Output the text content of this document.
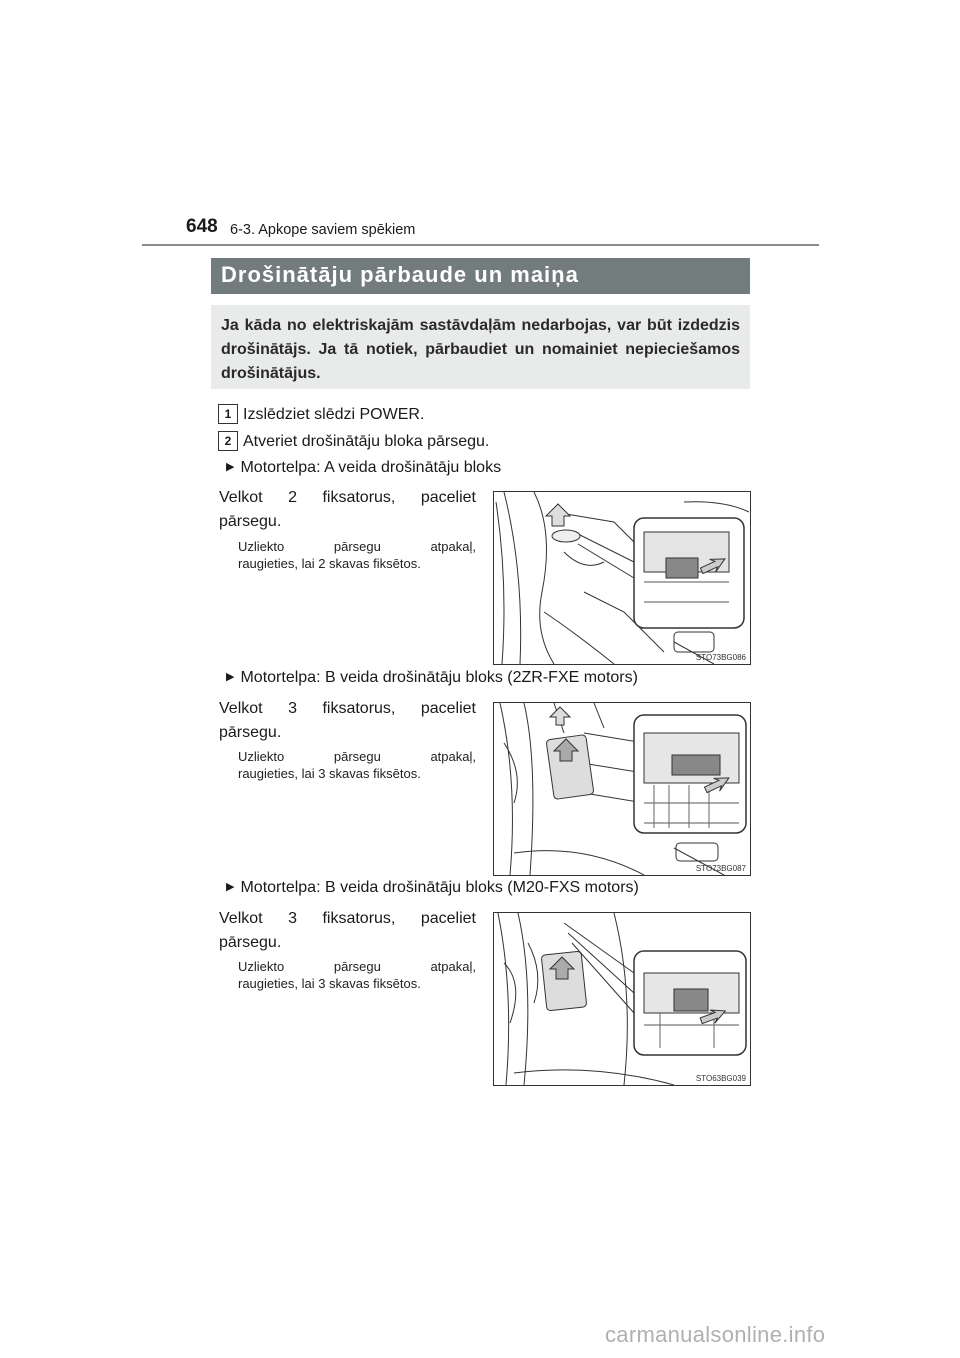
648 6-3. Apkope saviem spēkiem
Drošinātāju pārbaude un maiņa
Ja kāda no elektriskajām sastāvdaļām nedarbojas, var būt izdedzis drošinātājs. Ja tā notiek, pārbaudiet un nomainiet nepieciešamos drošinātājus.
1 Izslēdziet slēdzi POWER.
2 Atveriet drošinātāju bloka pārsegu.
▶ Motortelpa: A veida drošinātāju bloks
Velkot 2 fiksatorus, paceliet
pārsegu.
Uzliekto pārsegu atpakaļ,
raugieties, lai 2 skavas fiksētos.
STO73BG086
▶ Motortelpa: B veida drošinātāju bloks (2ZR-FXE motors)
Velkot 3 fiksatorus, paceliet
pārsegu.
Uzliekto pārsegu atpakaļ,
raugieties, lai 3 skavas fiksētos.
STO73BG087
▶ Motortelpa: B veida drošinātāju bloks (M20-FXS motors)
Velkot 3 fiksatorus, paceliet
pārsegu.
Uzliekto pārsegu atpakaļ,
raugieties, lai 3 skavas fiksētos.
STO63BG039
carmanualsonline.info
